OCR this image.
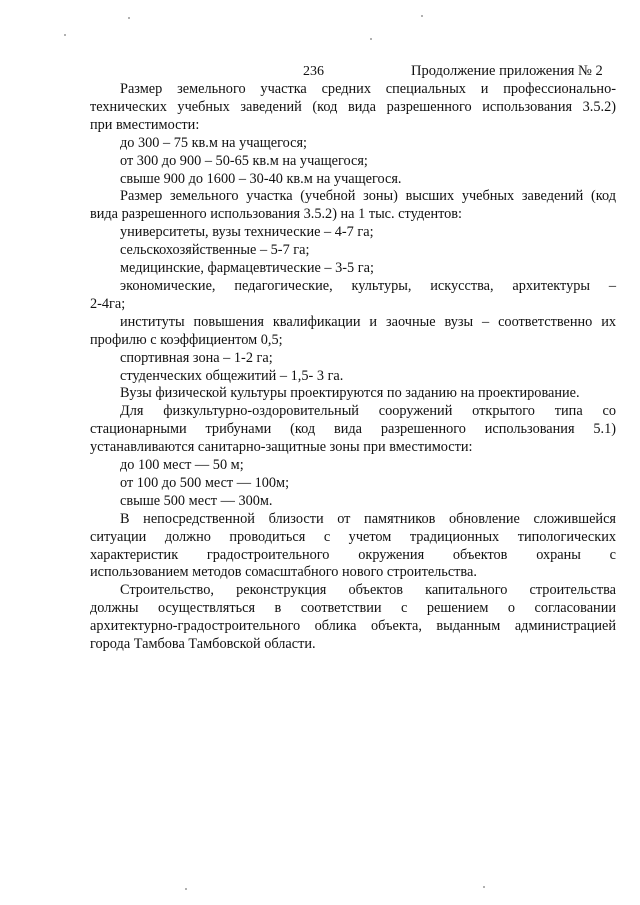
236	Продолжение приложения № 2

Размер земельного участка средних специальных и профессионально-

технических учебных заведений (код вида разрешенного использования 3.5.2)

при вместимости:

до 300 – 75 кв.м на учащегося;

от 300 до 900 – 50-65 кв.м на учащегося;

свыше 900 до 1600 – 30-40 кв.м на учащегося.

Размер земельного участка (учебной зоны) высших учебных заведений (код

вида разрешенного использования 3.5.2) на 1 тыс. студентов:

университеты, вузы технические – 4-7 га;

сельскохозяйственные – 5-7 га;

медицинские, фармацевтические – 3-5 га;

экономические, педагогические, культуры, искусства, архитектуры –

2-4га;

институты повышения квалификации и заочные вузы – соответственно их

профилю с коэффициентом 0,5;

спортивная зона – 1-2 га;

студенческих общежитий – 1,5- 3 га.

Вузы физической культуры проектируются по заданию на проектирование.

Для физкультурно-оздоровительный сооружений открытого типа со

стационарными трибунами (код вида разрешенного использования 5.1)

устанавливаются санитарно-защитные зоны при вместимости:

до 100 мест — 50 м;

от 100 до 500 мест — 100м;

свыше 500 мест — 300м.

В непосредственной близости от памятников обновление сложившейся

ситуации должно проводиться с учетом традиционных типологических

характеристик градостроительного окружения объектов охраны с

использованием методов сомасштабного нового строительства.

Строительство, реконструкция объектов капитального строительства

должны осуществляться в соответствии с решением о согласовании

архитектурно-градостроительного облика объекта, выданным администрацией

города Тамбова Тамбовской области.
